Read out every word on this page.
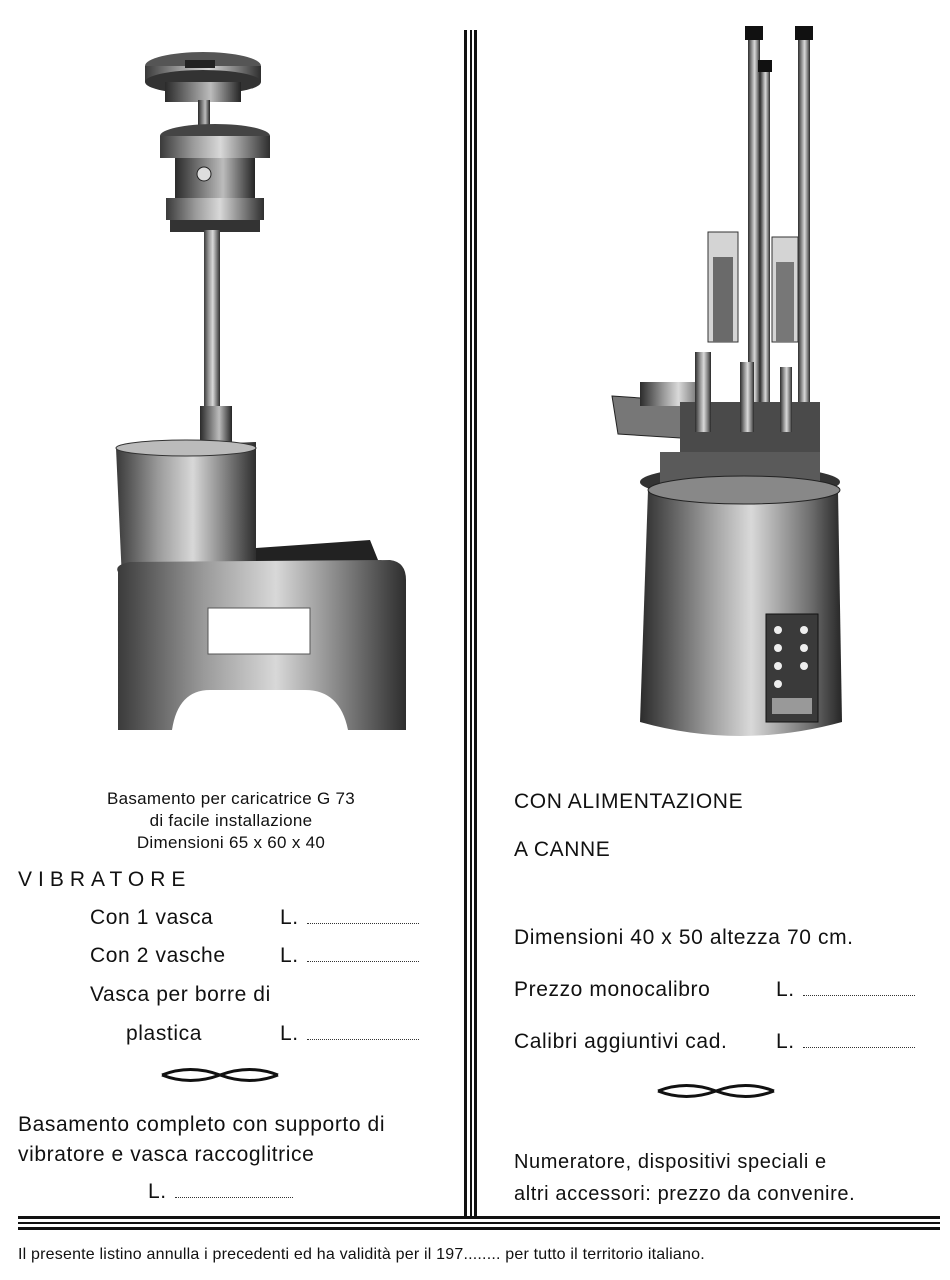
Basamento per caricatrice G 73
di facile installazione
Dimensioni 65 x 60 x 40
VIBRATORE
Con 1 vasca	L.
Con 2 vasche	L.
Vasca per borre di
plastica	L.
Basamento completo con supporto di
vibratore e vasca raccoglitrice
L.
CON ALIMENTAZIONE
A CANNE
Dimensioni 40 x 50 altezza 70 cm.
Prezzo monocalibro	L.
Calibri aggiuntivi cad. L.
Numeratore, dispositivi speciali e
altri accessori: prezzo da convenire.
Il presente listino annulla i precedenti ed ha validità per il 197........ per tutto il territorio italiano.
